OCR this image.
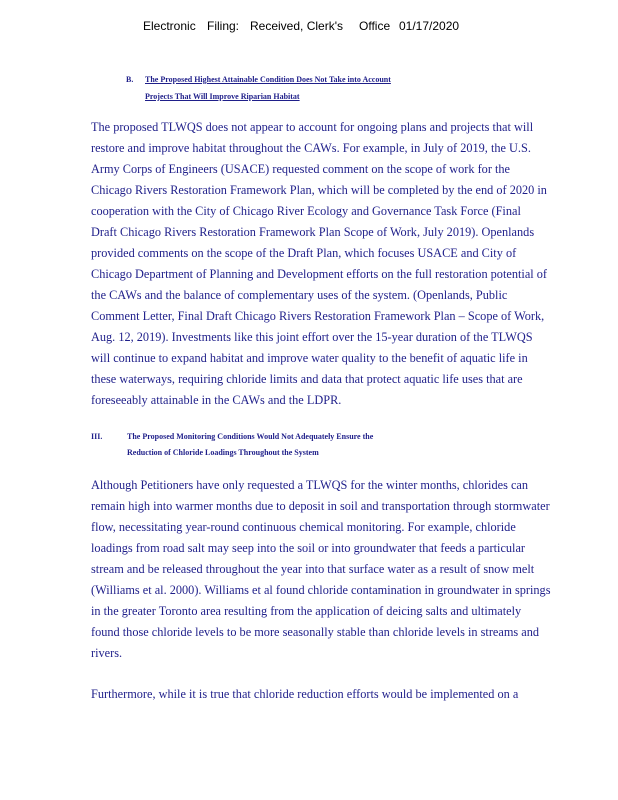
Electronic Filing: Received, Clerk's Office 01/17/2020
B. The Proposed Highest Attainable Condition Does Not Take into Account
Projects That Will Improve Riparian Habitat
The proposed TLWQS does not appear to account for ongoing plans and projects that will
restore and improve habitat throughout the CAWs. For example, in July of 2019, the U.S.
Army Corps of Engineers (USACE) requested comment on the scope of work for the
Chicago Rivers Restoration Framework Plan, which will be completed by the end of 2020 in
cooperation with the City of Chicago River Ecology and Governance Task Force (Final
Draft Chicago Rivers Restoration Framework Plan Scope of Work, July 2019). Openlands
provided comments on the scope of the Draft Plan, which focuses USACE and City of
Chicago Department of Planning and Development efforts on the full restoration potential of
the CAWs and the balance of complementary uses of the system. (Openlands, Public
Comment Letter, Final Draft Chicago Rivers Restoration Framework Plan – Scope of Work,
Aug. 12, 2019). Investments like this joint effort over the 15-year duration of the TLWQS
will continue to expand habitat and improve water quality to the benefit of aquatic life in
these waterways, requiring chloride limits and data that protect aquatic life uses that are
foreseeably attainable in the CAWs and the LDPR.
III.	The Proposed Monitoring Conditions Would Not Adequately Ensure the
Reduction of Chloride Loadings Throughout the System
Although Petitioners have only requested a TLWQS for the winter months, chlorides can
remain high into warmer months due to deposit in soil and transportation through stormwater
flow, necessitating year-round continuous chemical monitoring. For example, chloride
loadings from road salt may seep into the soil or into groundwater that feeds a particular
stream and be released throughout the year into that surface water as a result of snow melt
(Williams et al. 2000). Williams et al found chloride contamination in groundwater in springs
in the greater Toronto area resulting from the application of deicing salts and ultimately
found those chloride levels to be more seasonally stable than chloride levels in streams and
rivers.
Furthermore, while it is true that chloride reduction efforts would be implemented on a
